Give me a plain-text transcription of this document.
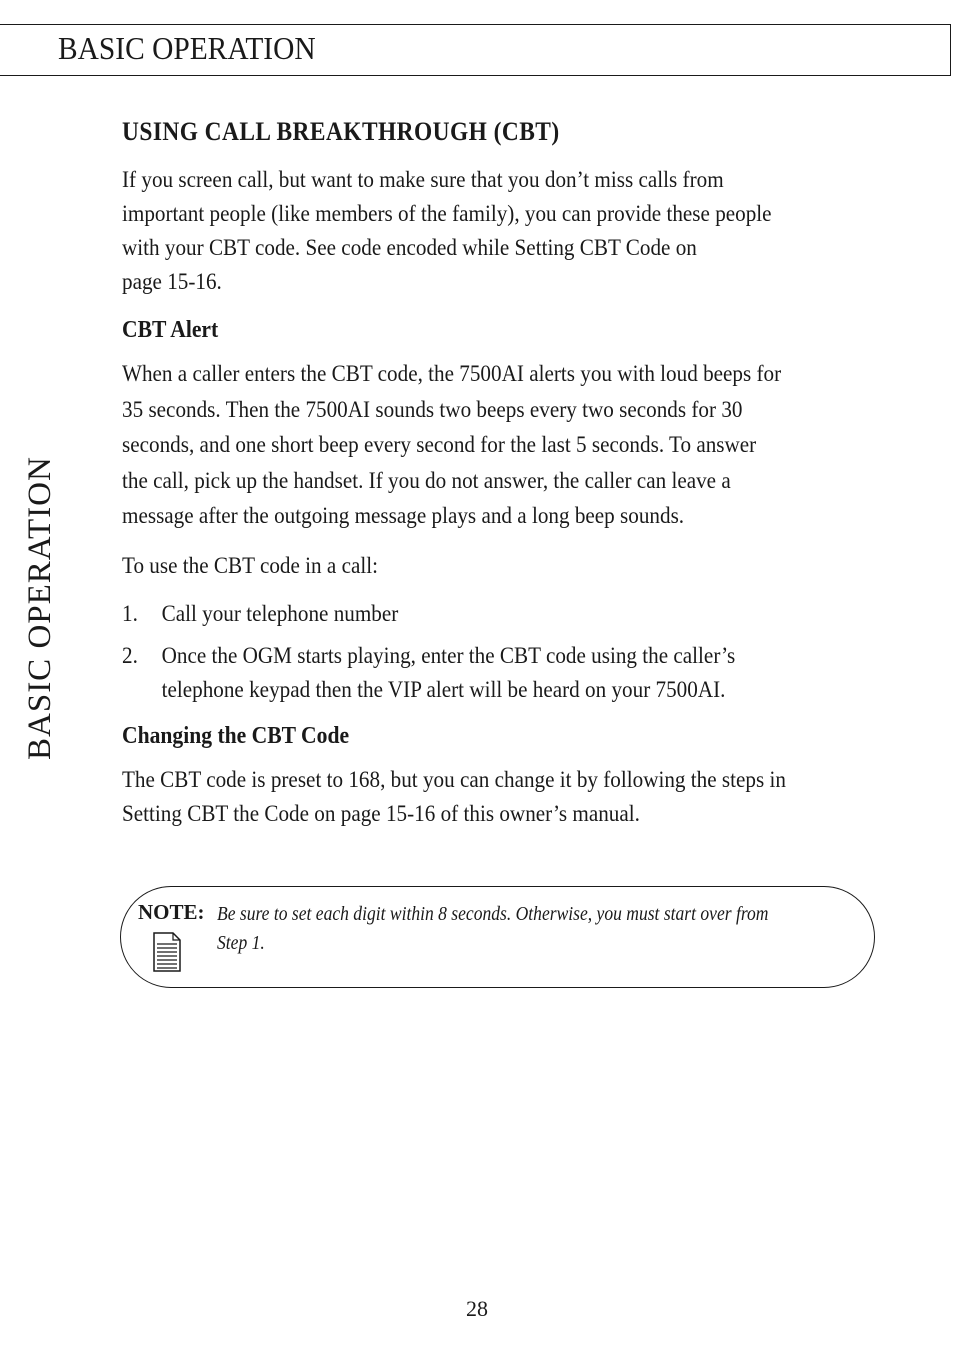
BASIC OPERATION
BASIC OPERATION
USING CALL BREAKTHROUGH (CBT)

If you screen call, but want to make sure that you don’t miss calls from
important people (like members of the family), you can provide these people
with your CBT code. See code encoded while Setting CBT Code on
page 15-16.

CBT Alert

When a caller enters the CBT code, the 7500AI alerts you with loud beeps for
35 seconds. Then the 7500AI sounds two beeps every two seconds for 30
seconds, and one short beep every second for the last 5 seconds. To answer
the call, pick up the handset. If you do not answer, the caller can leave a
message after the outgoing message plays and a long beep sounds.

To use the CBT code in a call:

1. Call your telephone number
2. Once the OGM starts playing, enter the CBT code using the caller’s
telephone keypad then the VIP alert will be heard on your 7500AI.
Changing the CBT Code

The CBT code is preset to 168, but you can change it by following the steps in
Setting CBT the Code on page 15-16 of this owner’s manual.

NOTE: Be sure to set each digit within 8 seconds. Otherwise, you must start over from
Step 1.
28
